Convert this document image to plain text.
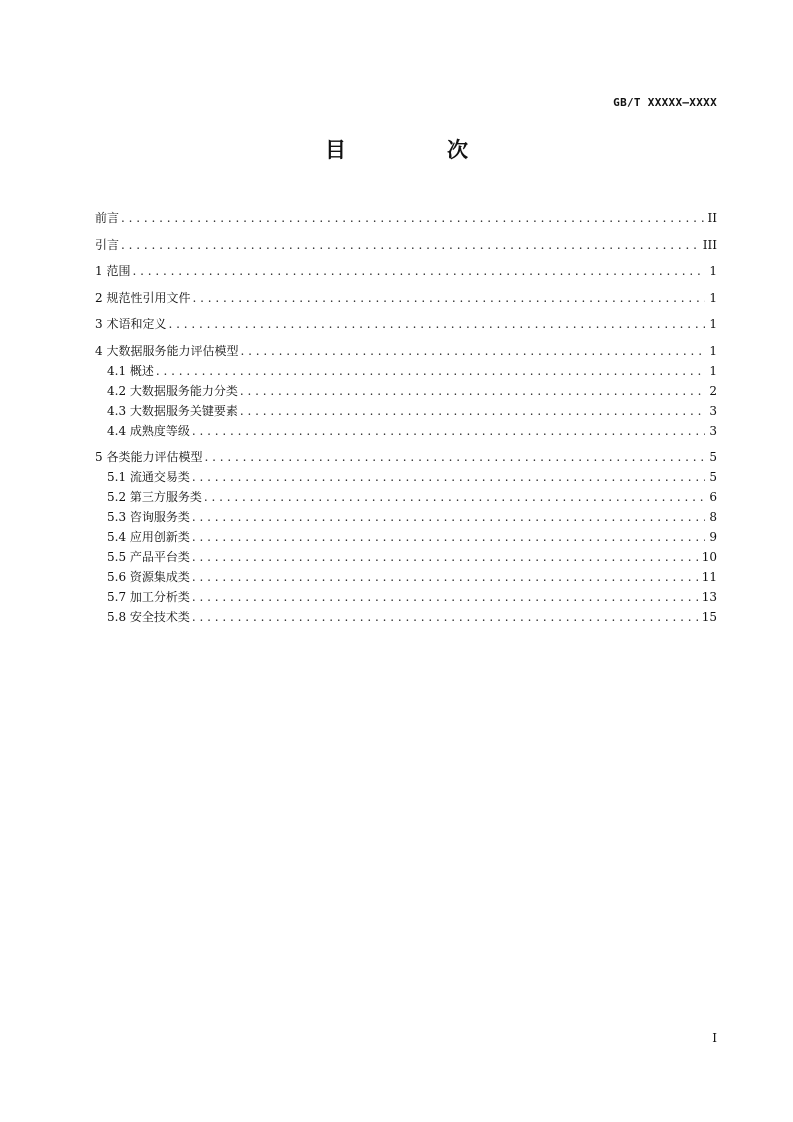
GB/T XXXXX—XXXX
目　次
前言 . . .	II
引言 . . .	III
1 范围 . . .	1
2 规范性引用文件 . . .	1
3 术语和定义 . . .	1
4 大数据服务能力评估模型 . . .	1
4.1 概述 . . .	1
4.2 大数据服务能力分类 . . .	2
4.3 大数据服务关键要素 . . .	3
4.4 成熟度等级 . . .	3
5 各类能力评估模型 . . .	5
5.1 流通交易类 . . .	5
5.2 第三方服务类 . . .	6
5.3 咨询服务类 . . .	8
5.4 应用创新类 . . .	9
5.5 产品平台类 . . .	10
5.6 资源集成类 . . .	11
5.7 加工分析类 . . .	13
5.8 安全技术类 . . .	15
I
